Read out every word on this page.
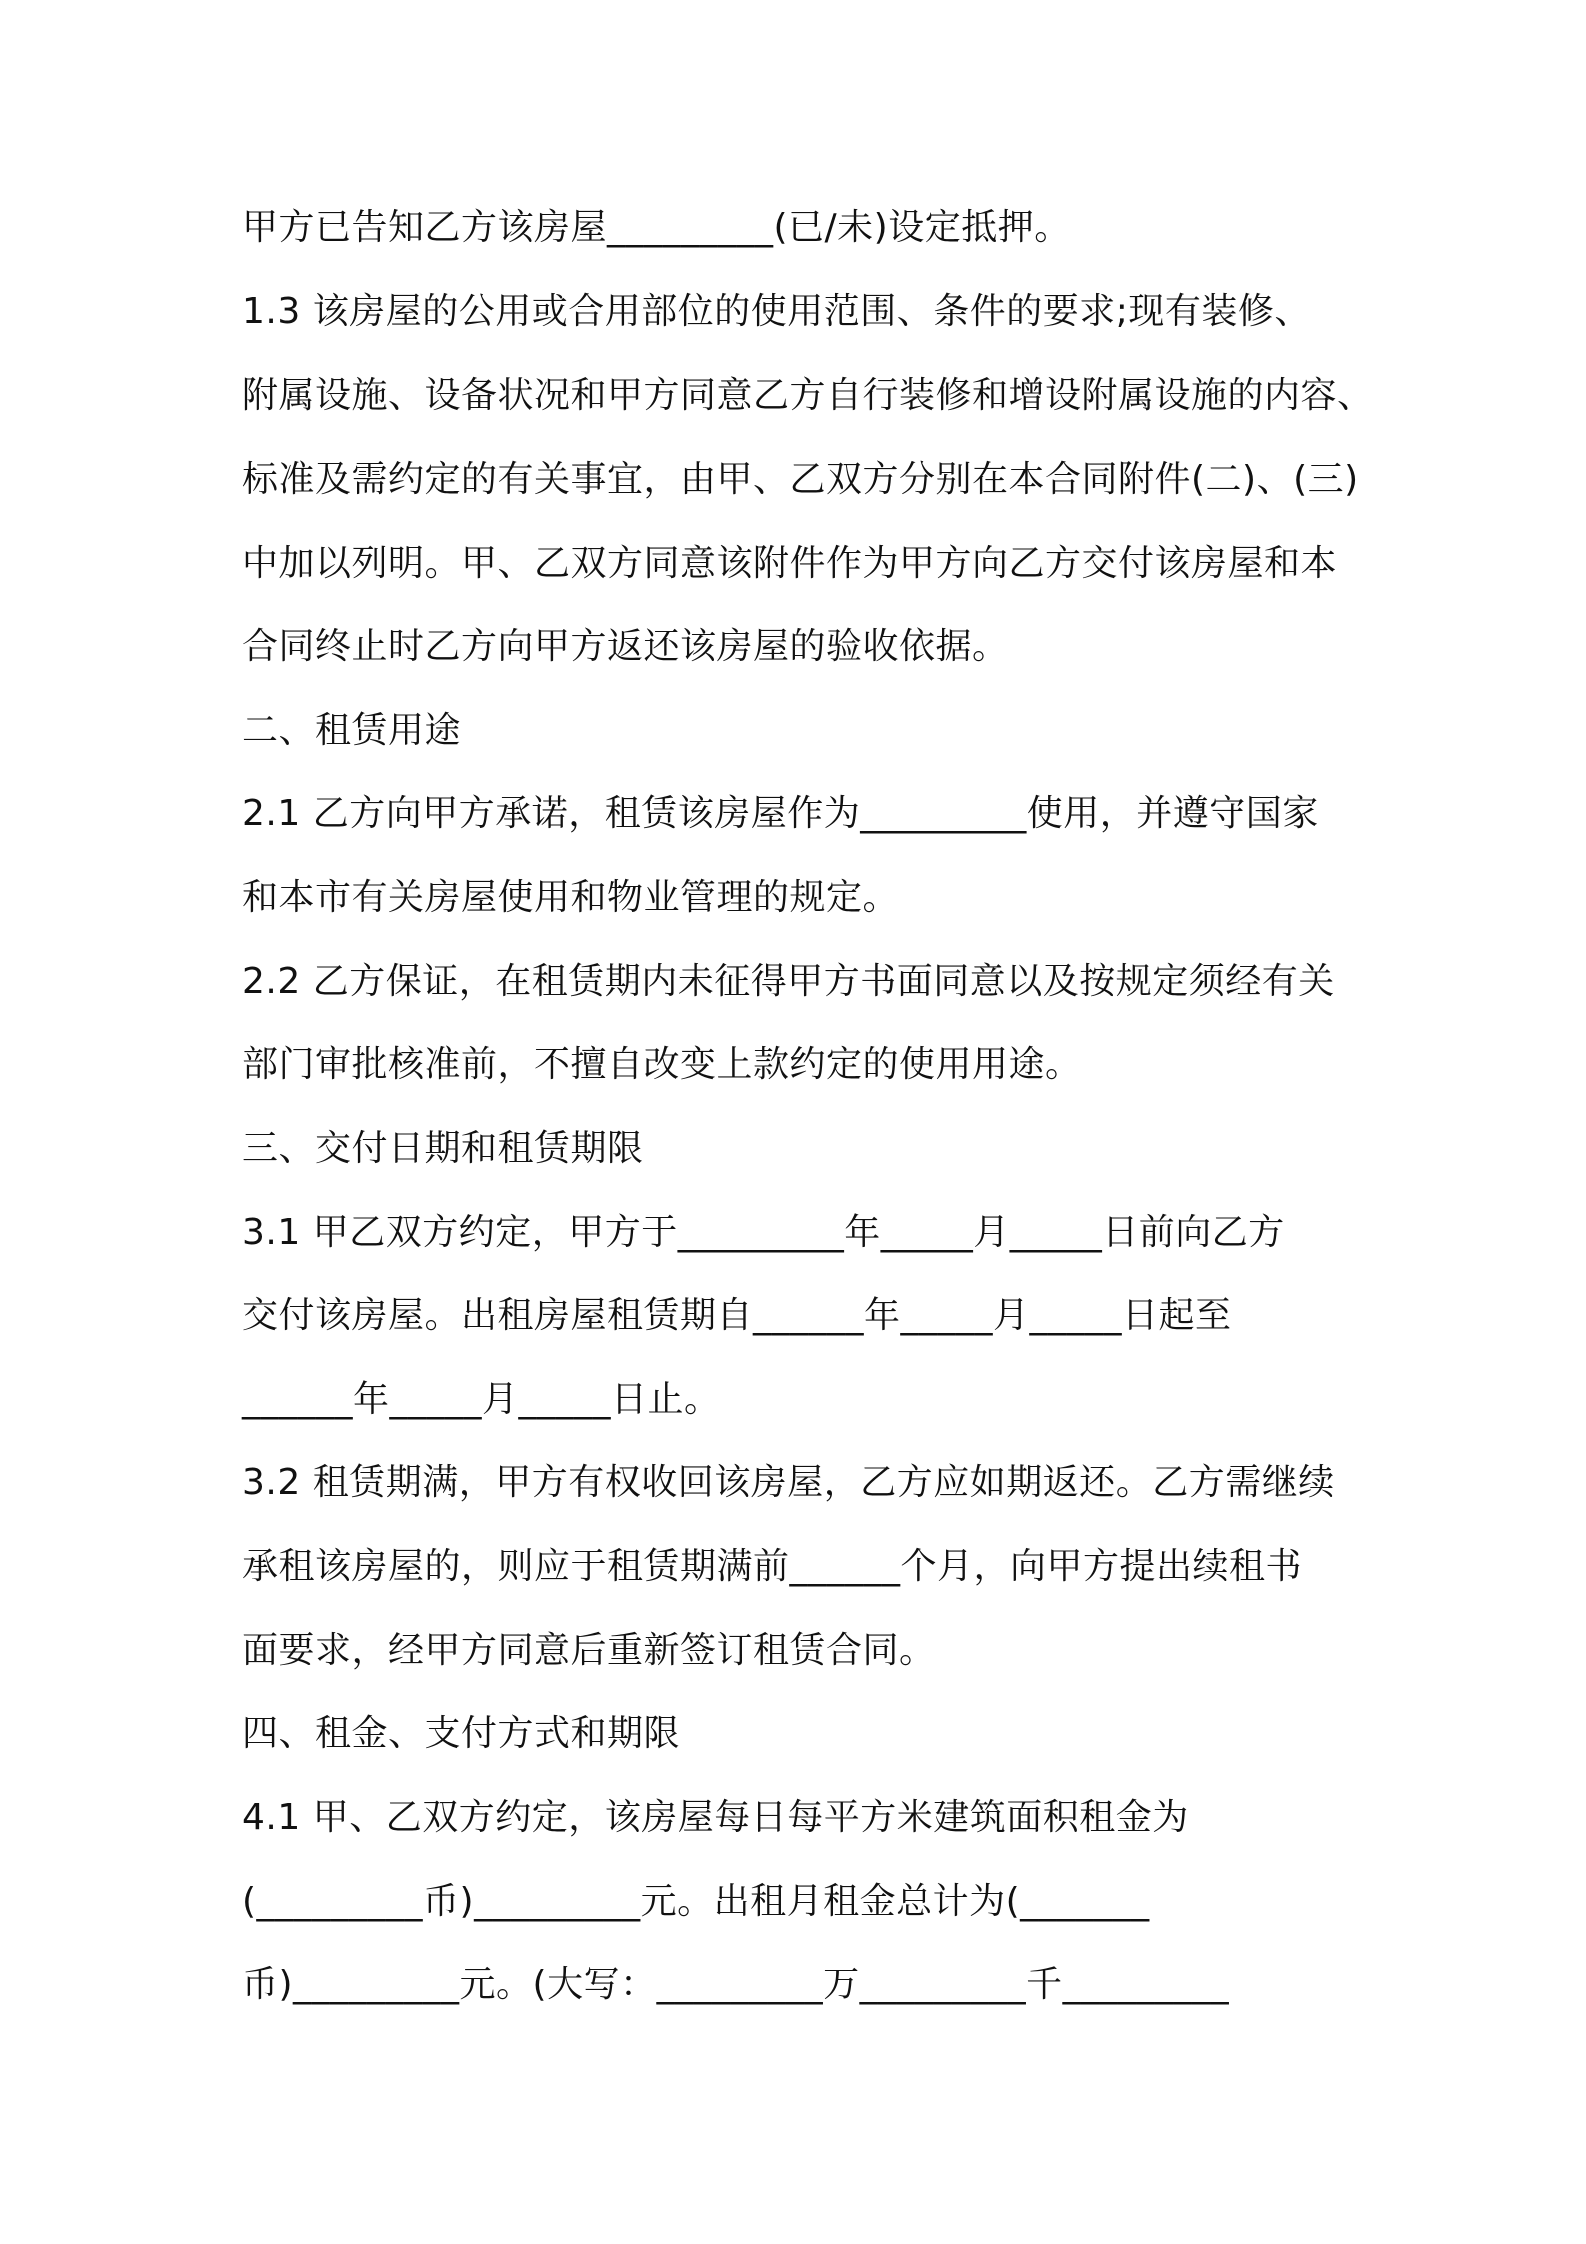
甲方已告知乙方该房屋_________(已/未)设定抵押。
1.3 该房屋的公用或合用部位的使用范围、条件的要求;现有装修、
附属设施、设备状况和甲方同意乙方自行装修和增设附属设施的内容、
标准及需约定的有关事宜，由甲、乙双方分别在本合同附件(二)、(三)
中加以列明。甲、乙双方同意该附件作为甲方向乙方交付该房屋和本
合同终止时乙方向甲方返还该房屋的验收依据。
二、租赁用途
2.1 乙方向甲方承诺，租赁该房屋作为_________使用，并遵守国家
和本市有关房屋使用和物业管理的规定。
2.2 乙方保证，在租赁期内未征得甲方书面同意以及按规定须经有关
部门审批核准前，不擅自改变上款约定的使用用途。
三、交付日期和租赁期限
3.1 甲乙双方约定，甲方于_________年_____月_____日前向乙方
交付该房屋。出租房屋租赁期自______年_____月_____日起至
______年_____月_____日止。
3.2 租赁期满，甲方有权收回该房屋，乙方应如期返还。乙方需继续
承租该房屋的，则应于租赁期满前______个月，向甲方提出续租书
面要求，经甲方同意后重新签订租赁合同。
四、租金、支付方式和期限
4.1 甲、乙双方约定，该房屋每日每平方米建筑面积租金为
(_________币)_________元。出租月租金总计为(_______
币)_________元。(大写：_________万_________千_________
